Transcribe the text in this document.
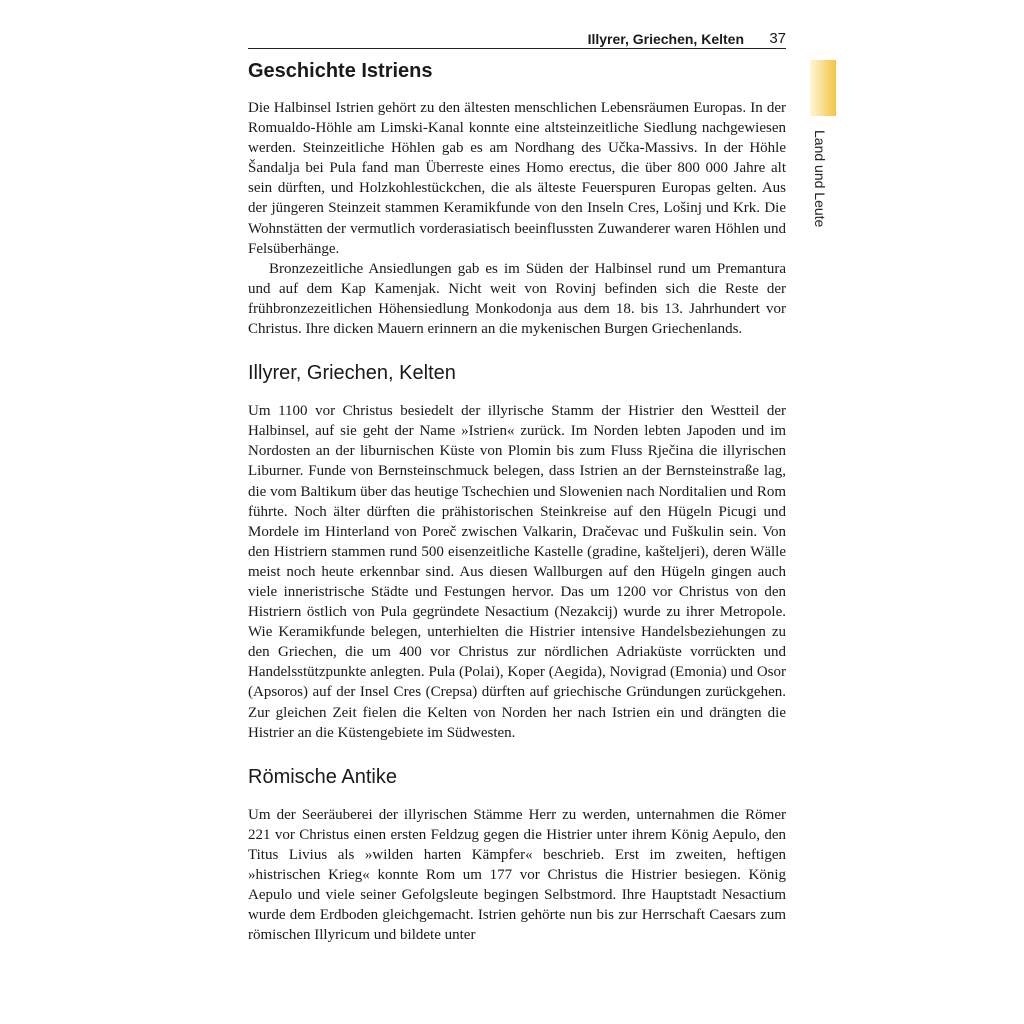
Illyrer, Griechen, Kelten 37
Land und Leute
Geschichte Istriens

Die Halbinsel Istrien gehört zu den ältesten menschlichen Lebensräumen Europas. In der Romualdo-Höhle am Limski-Kanal konnte eine altsteinzeitliche Siedlung nachgewiesen werden. Steinzeitliche Höhlen gab es am Nordhang des Učka-Massivs. In der Höhle Šandalja bei Pula fand man Überreste eines Homo erectus, die über 800 000 Jahre alt sein dürften, und Holzkohlestückchen, die als älteste Feuerspuren Europas gelten. Aus der jüngeren Steinzeit stammen Keramikfunde von den Inseln Cres, Lošinj und Krk. Die Wohnstätten der vermutlich vorderasiatisch beeinflussten Zuwanderer waren Höhlen und Felsüberhänge.

Bronzezeitliche Ansiedlungen gab es im Süden der Halbinsel rund um Premantura und auf dem Kap Kamenjak. Nicht weit von Rovinj befinden sich die Reste der frühbronzezeitlichen Höhensiedlung Monkodonja aus dem 18. bis 13. Jahrhundert vor Christus. Ihre dicken Mauern erinnern an die mykenischen Burgen Griechenlands.

Illyrer, Griechen, Kelten

Um 1100 vor Christus besiedelt der illyrische Stamm der Histrier den Westteil der Halbinsel, auf sie geht der Name »Istrien« zurück. Im Norden lebten Japoden und im Nordosten an der liburnischen Küste von Plomin bis zum Fluss Rječina die illyrischen Liburner. Funde von Bernsteinschmuck belegen, dass Istrien an der Bernsteinstraße lag, die vom Baltikum über das heutige Tschechien und Slowenien nach Norditalien und Rom führte. Noch älter dürften die prähistorischen Steinkreise auf den Hügeln Picugi und Mordele im Hinterland von Poreč zwischen Valkarin, Dračevac und Fuškulin sein. Von den Histriern stammen rund 500 eisenzeitliche Kastelle (gradine, kašteljeri), deren Wälle meist noch heute erkennbar sind. Aus diesen Wallburgen auf den Hügeln gingen auch viele inneristrische Städte und Festungen hervor. Das um 1200 vor Christus von den Histriern östlich von Pula gegründete Nesactium (Nezakcij) wurde zu ihrer Metropole. Wie Keramikfunde belegen, unterhielten die Histrier intensive Handelsbeziehungen zu den Griechen, die um 400 vor Christus zur nördlichen Adriaküste vorrückten und Handelsstützpunkte anlegten. Pula (Polai), Koper (Aegida), Novigrad (Emonia) und Osor (Apsoros) auf der Insel Cres (Crepsa) dürften auf griechische Gründungen zurückgehen. Zur gleichen Zeit fielen die Kelten von Norden her nach Istrien ein und drängten die Histrier an die Küstengebiete im Südwesten.

Römische Antike

Um der Seeräuberei der illyrischen Stämme Herr zu werden, unternahmen die Römer 221 vor Christus einen ersten Feldzug gegen die Histrier unter ihrem König Aepulo, den Titus Livius als »wilden harten Kämpfer« beschrieb. Erst im zweiten, heftigen »histrischen Krieg« konnte Rom um 177 vor Christus die Histrier besiegen. König Aepulo und viele seiner Gefolgsleute begingen Selbstmord. Ihre Hauptstadt Nesactium wurde dem Erdboden gleichgemacht. Istrien gehörte nun bis zur Herrschaft Caesars zum römischen Illyricum und bildete unter
